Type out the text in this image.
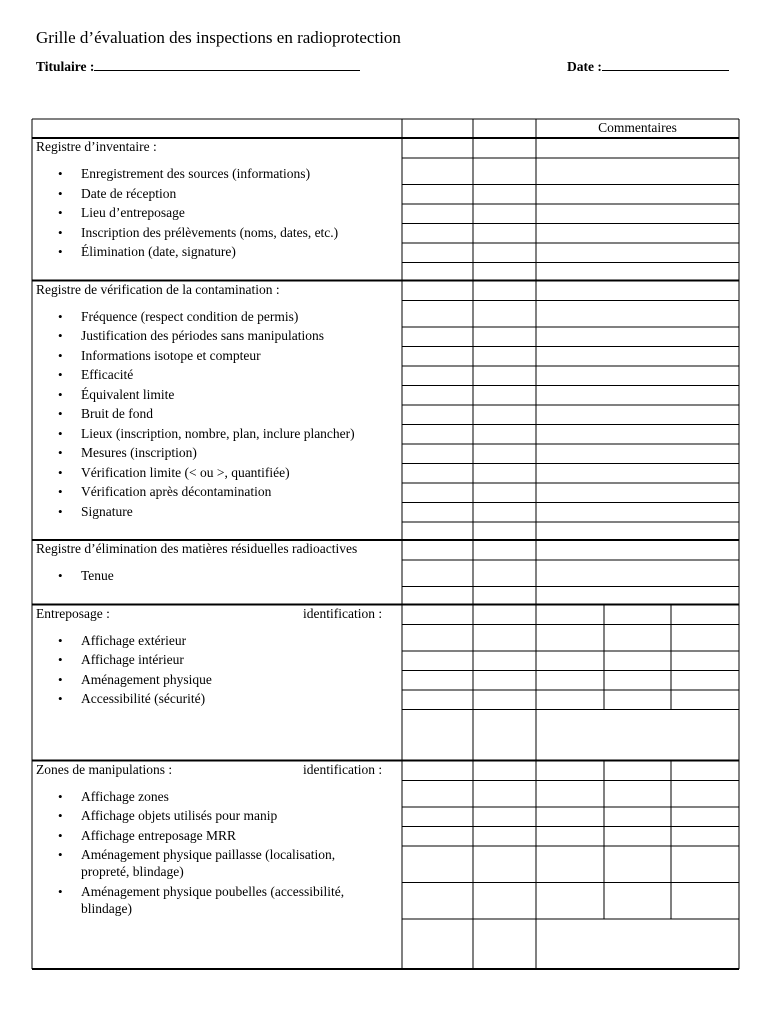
Grille d’évaluation des inspections en radioprotection
Titulaire :	Date :
Commentaires
Registre d’inventaire :
• Enregistrement des sources (informations)
• Date de réception
• Lieu d’entreposage
• Inscription des prélèvements (noms, dates, etc.)
• Élimination (date, signature)
Registre de vérification de la contamination :
• Fréquence (respect condition de permis)
• Justification des périodes sans manipulations
• Informations isotope et compteur
• Efficacité
• Équivalent limite
• Bruit de fond
• Lieux (inscription, nombre, plan, inclure plancher)
• Mesures (inscription)
• Vérification limite (< ou >, quantifiée)
• Vérification après décontamination
• Signature
Registre d’élimination des matières résiduelles radioactives
• Tenue
Entreposage :	identification :
• Affichage extérieur
• Affichage intérieur
• Aménagement physique
• Accessibilité (sécurité)
Zones de manipulations :	identification :
• Affichage zones
• Affichage objets utilisés pour manip
• Affichage entreposage MRR
• Aménagement physique paillasse (localisation,
propreté, blindage)
• Aménagement physique poubelles (accessibilité,
blindage)
